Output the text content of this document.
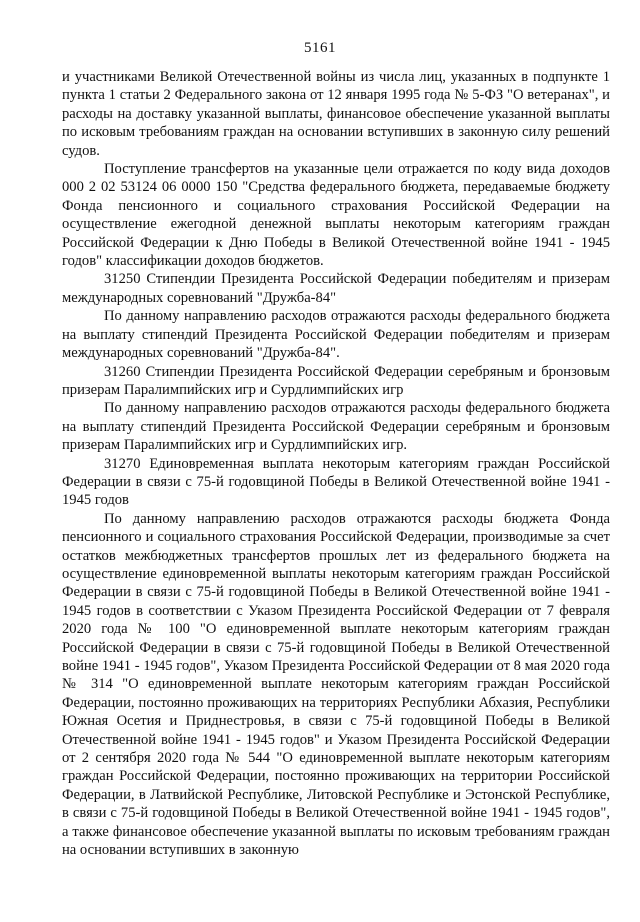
5161

и участниками Великой Отечественной войны из числа лиц, указанных в подпункте 1 пункта 1 статьи 2 Федерального закона от 12 января 1995 года № 5-ФЗ "О ветеранах", и расходы на доставку указанной выплаты, финансовое обеспечение указанной выплаты по исковым требованиям граждан на основании вступивших в законную силу решений судов.

Поступление трансфертов на указанные цели отражается по коду вида доходов 000 2 02 53124 06 0000 150 "Средства федерального бюджета, передаваемые бюджету Фонда пенсионного и социального страхования Российской Федерации на осуществление ежегодной денежной выплаты некоторым категориям граждан Российской Федерации к Дню Победы в Великой Отечественной войне 1941 - 1945 годов" классификации доходов бюджетов.

31250 Стипендии Президента Российской Федерации победителям и призерам международных соревнований "Дружба-84"

По данному направлению расходов отражаются расходы федерального бюджета на выплату стипендий Президента Российской Федерации победителям и призерам международных соревнований "Дружба-84".

31260 Стипендии Президента Российской Федерации серебряным и бронзовым призерам Паралимпийских игр и Сурдлимпийских игр

По данному направлению расходов отражаются расходы федерального бюджета на выплату стипендий Президента Российской Федерации серебряным и бронзовым призерам Паралимпийских игр и Сурдлимпийских игр.

31270 Единовременная выплата некоторым категориям граждан Российской Федерации в связи с 75-й годовщиной Победы в Великой Отечественной войне 1941 - 1945 годов

По данному направлению расходов отражаются расходы бюджета Фонда пенсионного и социального страхования Российской Федерации, производимые за счет остатков межбюджетных трансфертов прошлых лет из федерального бюджета на осуществление единовременной выплаты некоторым категориям граждан Российской Федерации в связи с 75-й годовщиной Победы в Великой Отечественной войне 1941 - 1945 годов в соответствии с Указом Президента Российской Федерации от 7 февраля 2020 года № 100 "О единовременной выплате некоторым категориям граждан Российской Федерации в связи с 75-й годовщиной Победы в Великой Отечественной войне 1941 - 1945 годов", Указом Президента Российской Федерации от 8 мая 2020 года № 314 "О единовременной выплате некоторым категориям граждан Российской Федерации, постоянно проживающих на территориях Республики Абхазия, Республики Южная Осетия и Приднестровья, в связи с 75-й годовщиной Победы в Великой Отечественной войне 1941 - 1945 годов" и Указом Президента Российской Федерации от 2 сентября 2020 года № 544 "О единовременной выплате некоторым категориям граждан Российской Федерации, постоянно проживающих на территории Российской Федерации, в Латвийской Республике, Литовской Республике и Эстонской Республике, в связи с 75-й годовщиной Победы в Великой Отечественной войне 1941 - 1945 годов", а также финансовое обеспечение указанной выплаты по исковым требованиям граждан на основании вступивших в законную
